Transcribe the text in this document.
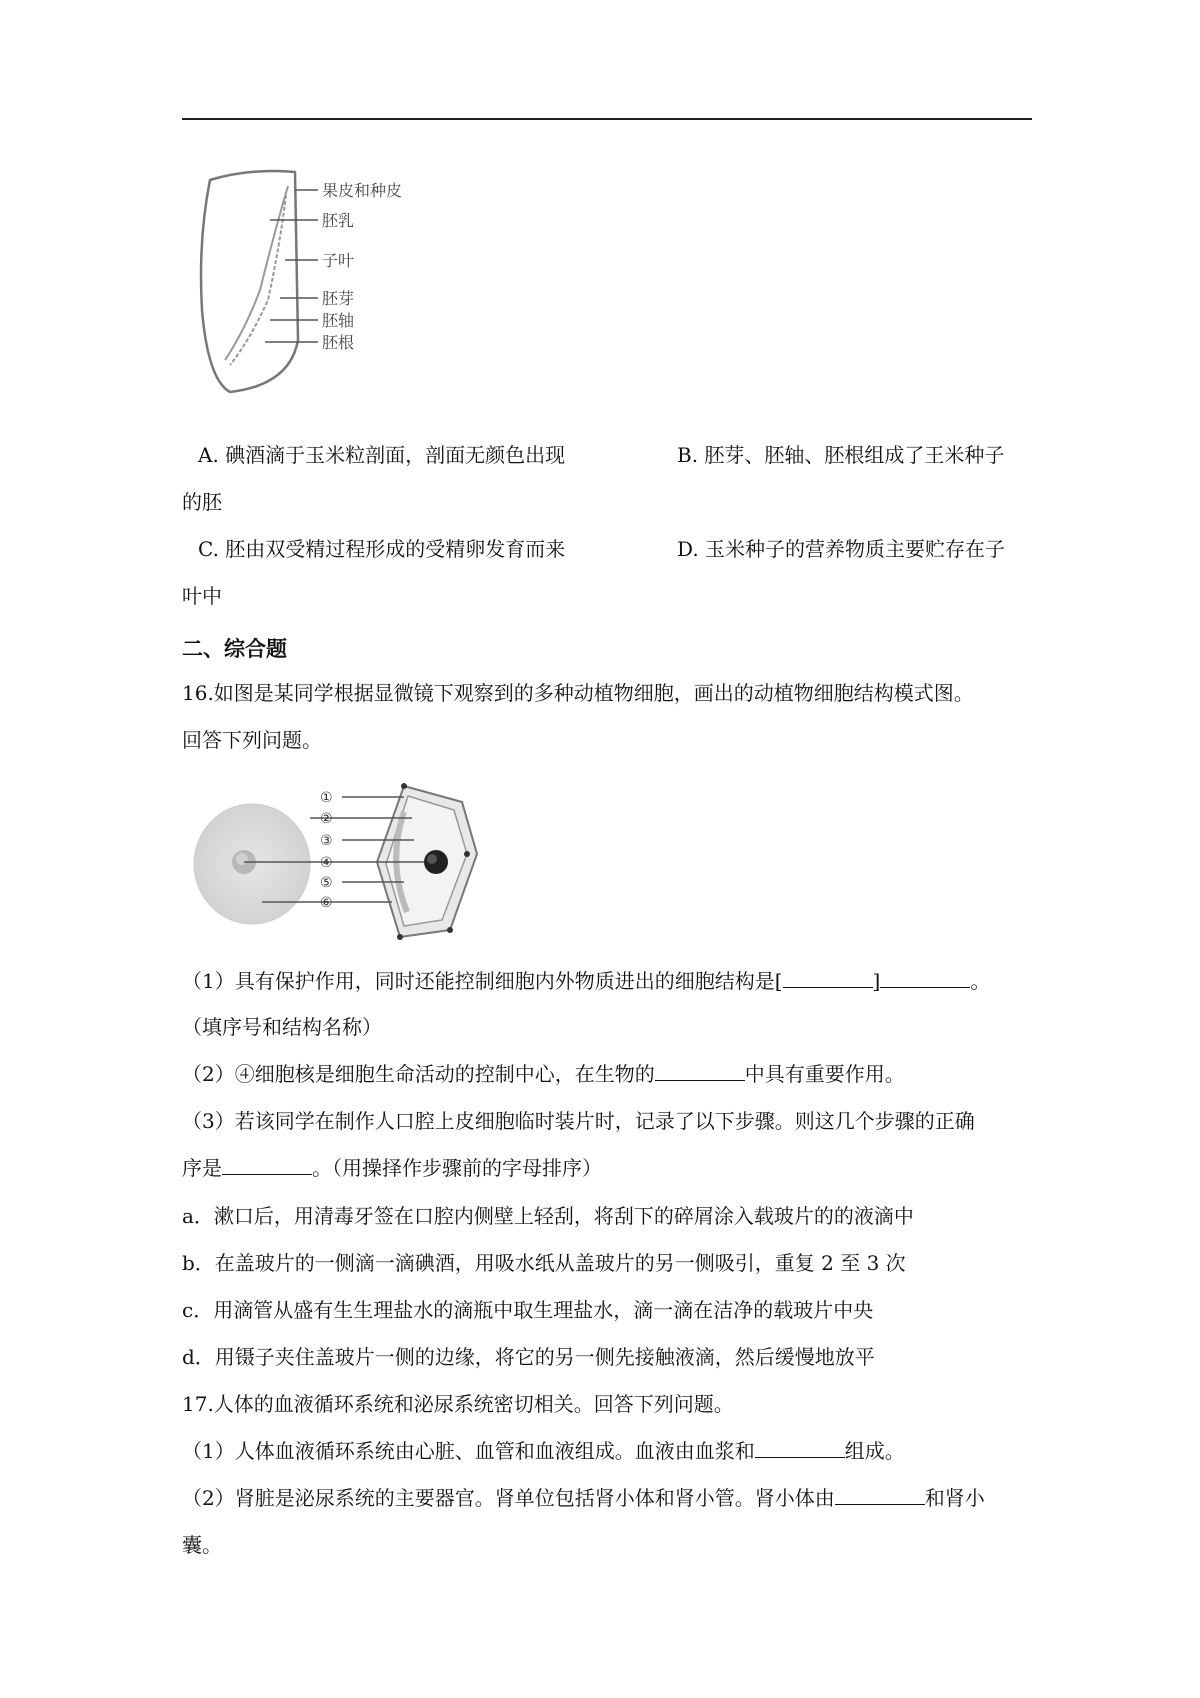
果皮和种皮
胚乳
子叶
胚芽
胚轴
胚根
A. 碘酒滴于玉米粒剖面，剖面无颜色出现
的胚
B. 胚芽、胚轴、胚根组成了王米种子
C. 胚由双受精过程形成的受精卵发育而来
叶中
D. 玉米种子的营养物质主要贮存在子
二、综合题
16.如图是某同学根据显微镜下观察到的多种动植物细胞，画出的动植物细胞结构模式图。
回答下列问题。
①
②
③
④
⑤
⑥
（1）具有保护作用，同时还能控制细胞内外物质进出的细胞结构是[	]	。
（填序号和结构名称）
（2）④细胞核是细胞生命活动的控制中心，在生物的	中具有重要作用。
（3）若该同学在制作人口腔上皮细胞临时装片时，记录了以下步骤。则这几个步骤的正确
序是	。（用操择作步骤前的字母排序）
a．漱口后，用清毒牙签在口腔内侧壁上轻刮，将刮下的碎屑涂入载玻片的的液滴中
b．在盖玻片的一侧滴一滴碘酒，用吸水纸从盖玻片的另一侧吸引，重复 2 至 3 次
c．用滴管从盛有生生理盐水的滴瓶中取生理盐水，滴一滴在洁净的载玻片中央
d．用镊子夹住盖玻片一侧的边缘，将它的另一侧先接触液滴，然后缓慢地放平
17.人体的血液循环系统和泌尿系统密切相关。回答下列问题。
（1）人体血液循环系统由心脏、血管和血液组成。血液由血浆和	组成。
（2）肾脏是泌尿系统的主要器官。肾单位包括肾小体和肾小管。肾小体由	和肾小
囊。
